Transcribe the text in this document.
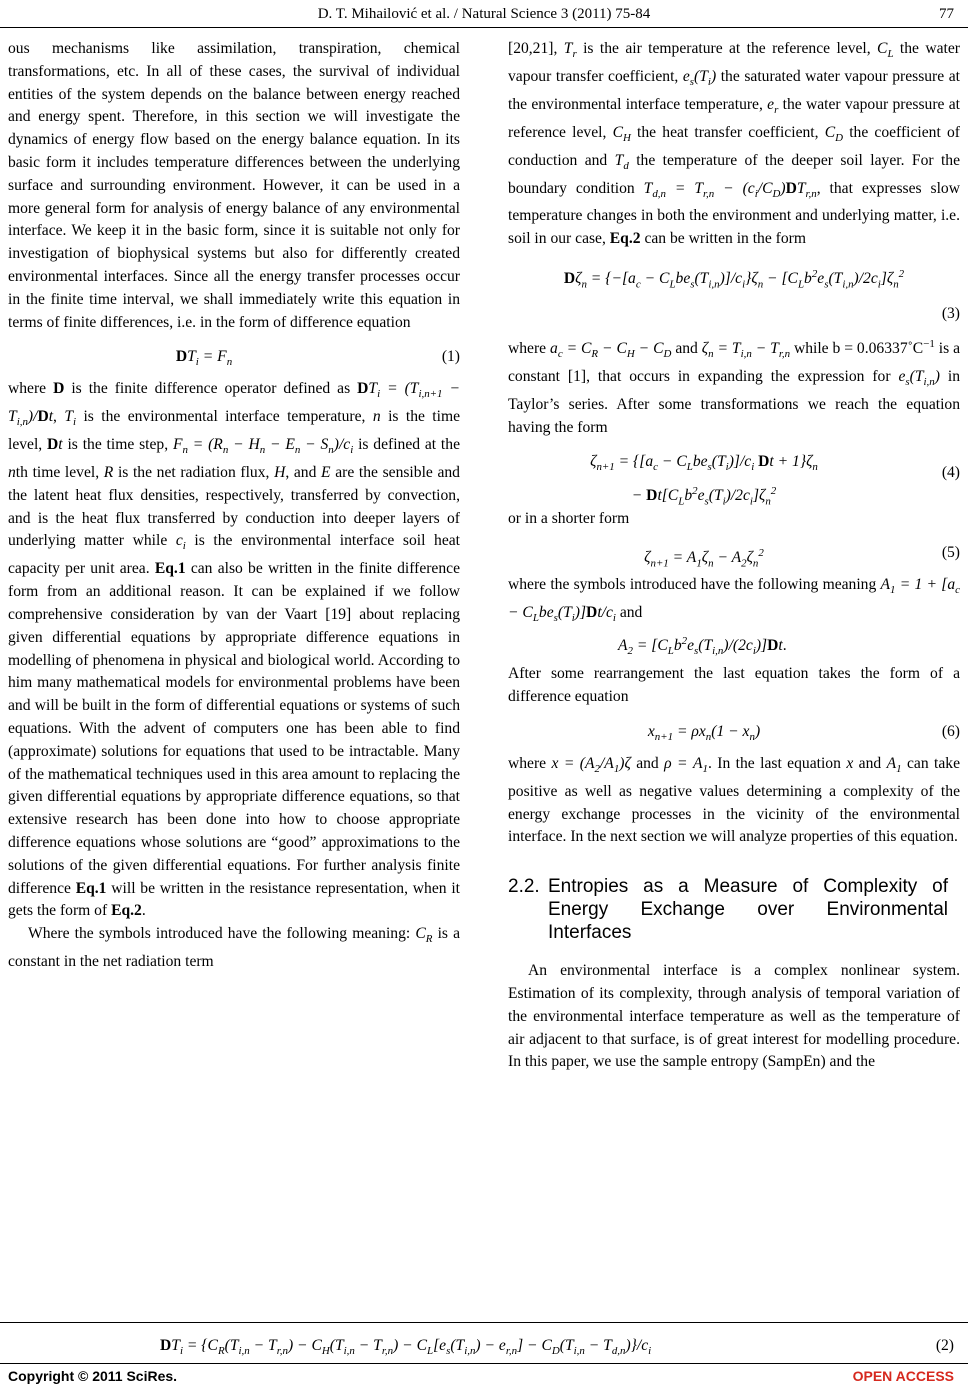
D. T. Mihailović et al. / Natural Science 3 (2011) 75-84	77

ous mechanisms like assimilation, transpiration, chemical transformations, etc. In all of these cases, the survival of individual entities of the system depends on the balance between energy reached and energy spent. Therefore, in this section we will investigate the dynamics of energy flow based on the energy balance equation. In its basic form it includes temperature differences between the underlying surface and surrounding environment. However, it can be used in a more general form for analysis of energy balance of any environmental interface. We keep it in the basic form, since it is suitable not only for investigation of biophysical systems but also for differently created environmental interfaces. Since all the energy transfer processes occur in the finite time interval, we shall immediately write this equation in terms of finite differences, i.e. in the form of difference equation

$DT_i = F_n$	(1)

where D is the finite difference operator defined as $DT_i = (T_{i,n+1} - T_{i,n})/Dt$, $T_i$ is the environmental interface temperature, n is the time level, Dt is the time step, $F_n = (R_n - H_n - E_n - S_n)/c_i$ is defined at the nth time level, R is the net radiation flux, H, and E are the sensible and the latent heat flux densities, respectively, transferred by convection, and is the heat flux transferred by conduction into deeper layers of underlying matter while $c_i$ is the environmental interface soil heat capacity per unit area. Eq.1 can also be written in the finite difference form from an additional reason. It can be explained if we follow comprehensive consideration by van der Vaart [19] about replacing given differential equations by appropriate difference equations in modelling of phenomena in physical and biological world. According to him many mathematical models for environmental problems have been and will be built in the form of differential equations or systems of such equations. With the advent of computers one has been able to find (approximate) solutions for equations that used to be intractable. Many of the mathematical techniques used in this area amount to replacing the given differential equations by appropriate difference equations, so that extensive research has been done into how to choose appropriate difference equations whose solutions are “good” approximations to the solutions of the given differential equations. For further analysis finite difference Eq.1 will be written in the resistance representation, when it gets the form of Eq.2.

Where the symbols introduced have the following meaning: $C_R$ is a constant in the net radiation term

[20,21], $T_r$ is the air temperature at the reference level, $C_L$ the water vapour transfer coefficient, $e_s(T_i)$ the saturated water vapour pressure at the environmental interface temperature, $e_r$ the water vapour pressure at reference level, $C_H$ the heat transfer coefficient, $C_D$ the coefficient of conduction and $T_d$ the temperature of the deeper soil layer. For the boundary condition $T_{d,n} = T_{r,n} - (c_i/C_D)DT_{r,n}$, that expresses slow temperature changes in both the environment and underlying matter, i.e. soil in our case, Eq.2 can be written in the form

$D\zeta_n = \{-[a_c - C_Lbe_s(T_{i,n})]/c_i\}\zeta_n - [C_Lb^2e_s(T_{i,n})/2c_i]\zeta_n^2$
(3)

where $a_c = C_R - C_H - C_D$ and $\zeta_n = T_{i,n} - T_{r,n}$ while $b = 0.06337˚C^{-1}$ is a constant [1], that occurs in expanding the expression for $e_s(T_{i,n})$ in Taylor’s series. After some transformations we reach the equation having the form

$\zeta_{n+1} = \{[a_c - C_Lbe_s(T_i)]/c_i$ $Dt + 1\}\zeta_n$
− $Dt[C_Lb^2e_s(T_i)/2c_i]\zeta_n^2$
(4)

or in a shorter form

$\zeta_{n+1} = A_1\zeta_n - A_2\zeta_n^2$	(5)

where the symbols introduced have the following meaning $A_1 = 1 + [a_c - C_Lbe_s(T_i)]Dt/c_i$ and
$A_2 = [C_Lb^2e_s(T_{i,n})/(2c_i)]Dt$.

After some rearrangement the last equation takes the form of a difference equation

$x_{n+1} = \rho x_n(1 - x_n)$	(6)

where $x = (A_2/A_1)\zeta$ and $\rho = A_1$. In the last equation x and $A_1$ can take positive as well as negative values determining a complexity of the energy exchange processes in the vicinity of the environmental interface. In the next section we will analyze properties of this equation.

2.2. Entropies as a Measure of Complexity of Energy Exchange over Environmental Interfaces

An environmental interface is a complex nonlinear system. Estimation of its complexity, through analysis of temporal variation of the environmental interface temperature as well as the temperature of air adjacent to that surface, is of great interest for modelling procedure. In this paper, we use the sample entropy (SampEn) and the

$DT_i = \{C_R(T_{i,n} - T_{r,n}) - C_H(T_{i,n} - T_{r,n}) - C_L[e_s(T_{i,n}) - e_{r,n}] - C_D(T_{i,n} - T_{d,n})\}/c_i$	(2)
Copyright © 2011 SciRes.	OPEN ACCESS
